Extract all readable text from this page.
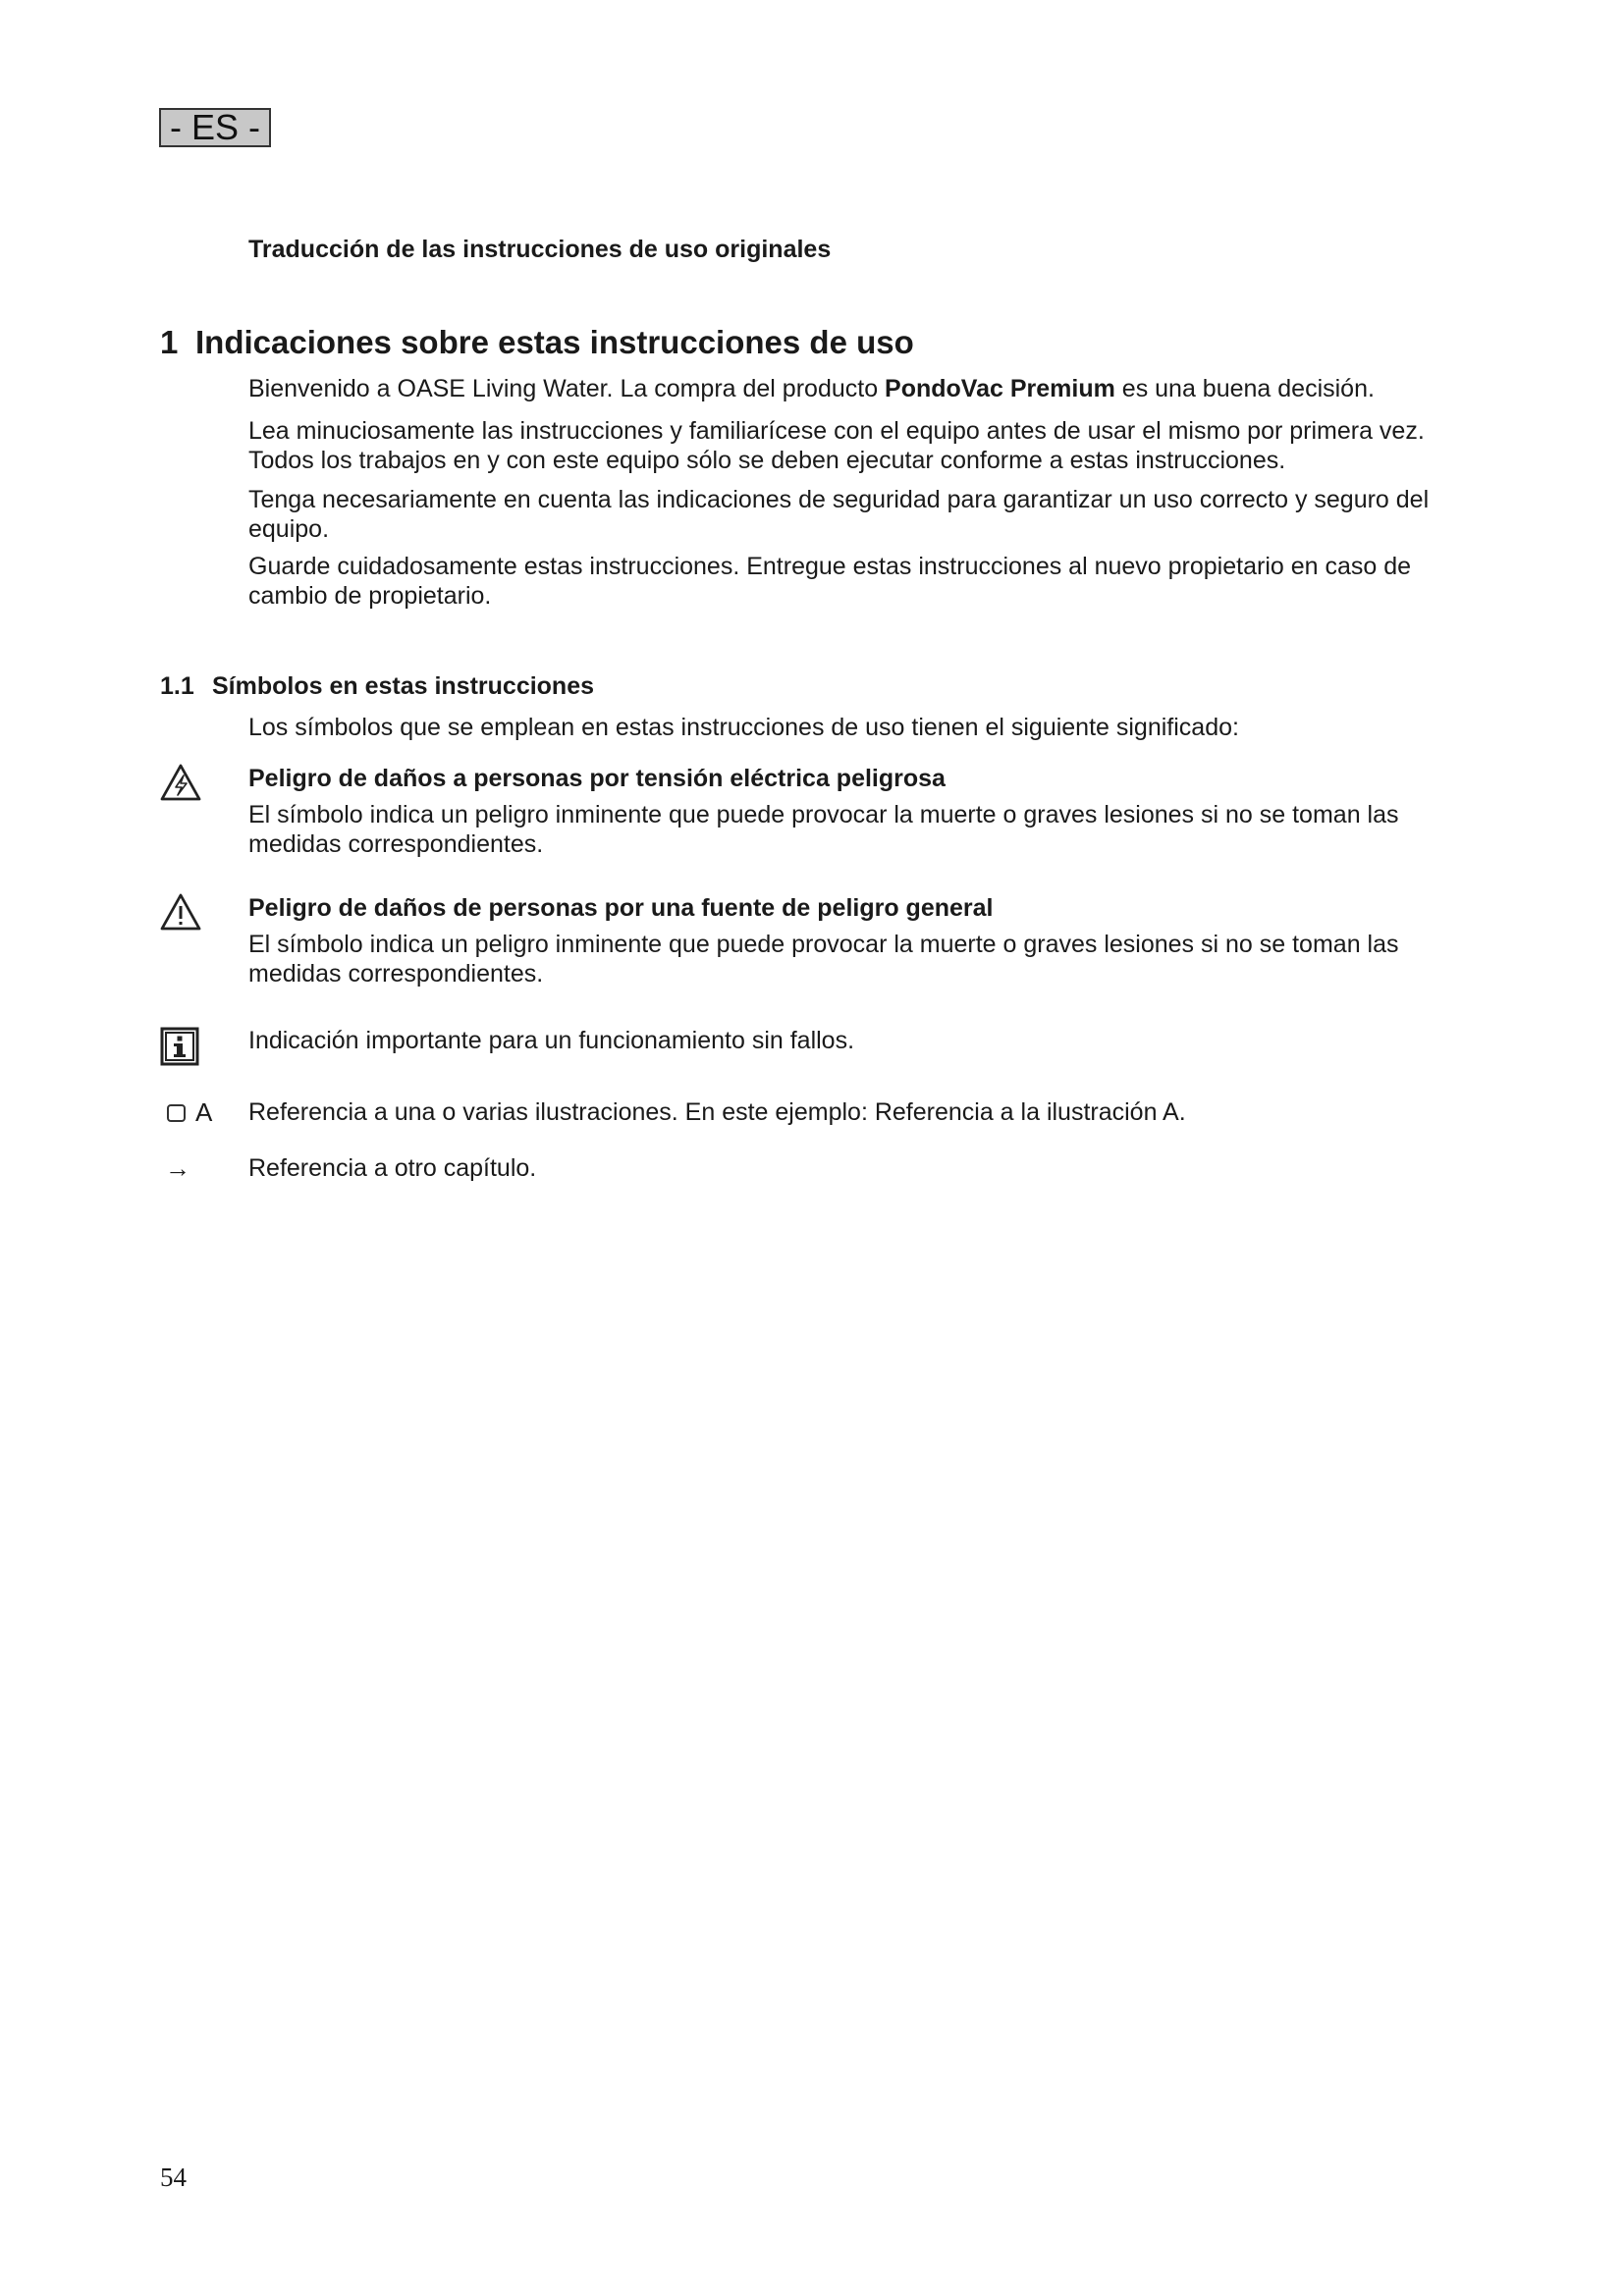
- ES -
Traducción de las instrucciones de uso originales
1 Indicaciones sobre estas instrucciones de uso

Bienvenido a OASE Living Water. La compra del producto PondoVac Premium es una buena decisión.

Lea minuciosamente las instrucciones y familiarícese con el equipo antes de usar el mismo por primera vez. Todos los trabajos en y con este equipo sólo se deben ejecutar conforme a estas instrucciones.

Tenga necesariamente en cuenta las indicaciones de seguridad para garantizar un uso correcto y seguro del equipo.

Guarde cuidadosamente estas instrucciones. Entregue estas instrucciones al nuevo propietario en caso de cambio de propietario.

1.1 Símbolos en estas instrucciones

Los símbolos que se emplean en estas instrucciones de uso tienen el siguiente significado:

Peligro de daños a personas por tensión eléctrica peligrosa

El símbolo indica un peligro inminente que puede provocar la muerte o graves lesiones si no se toman las medidas correspondientes.

Peligro de daños de personas por una fuente de peligro general

El símbolo indica un peligro inminente que puede provocar la muerte o graves lesiones si no se toman las medidas correspondientes.

Indicación importante para un funcionamiento sin fallos.

A Referencia a una o varias ilustraciones. En este ejemplo: Referencia a la ilustración A.

→ Referencia a otro capítulo.

54
